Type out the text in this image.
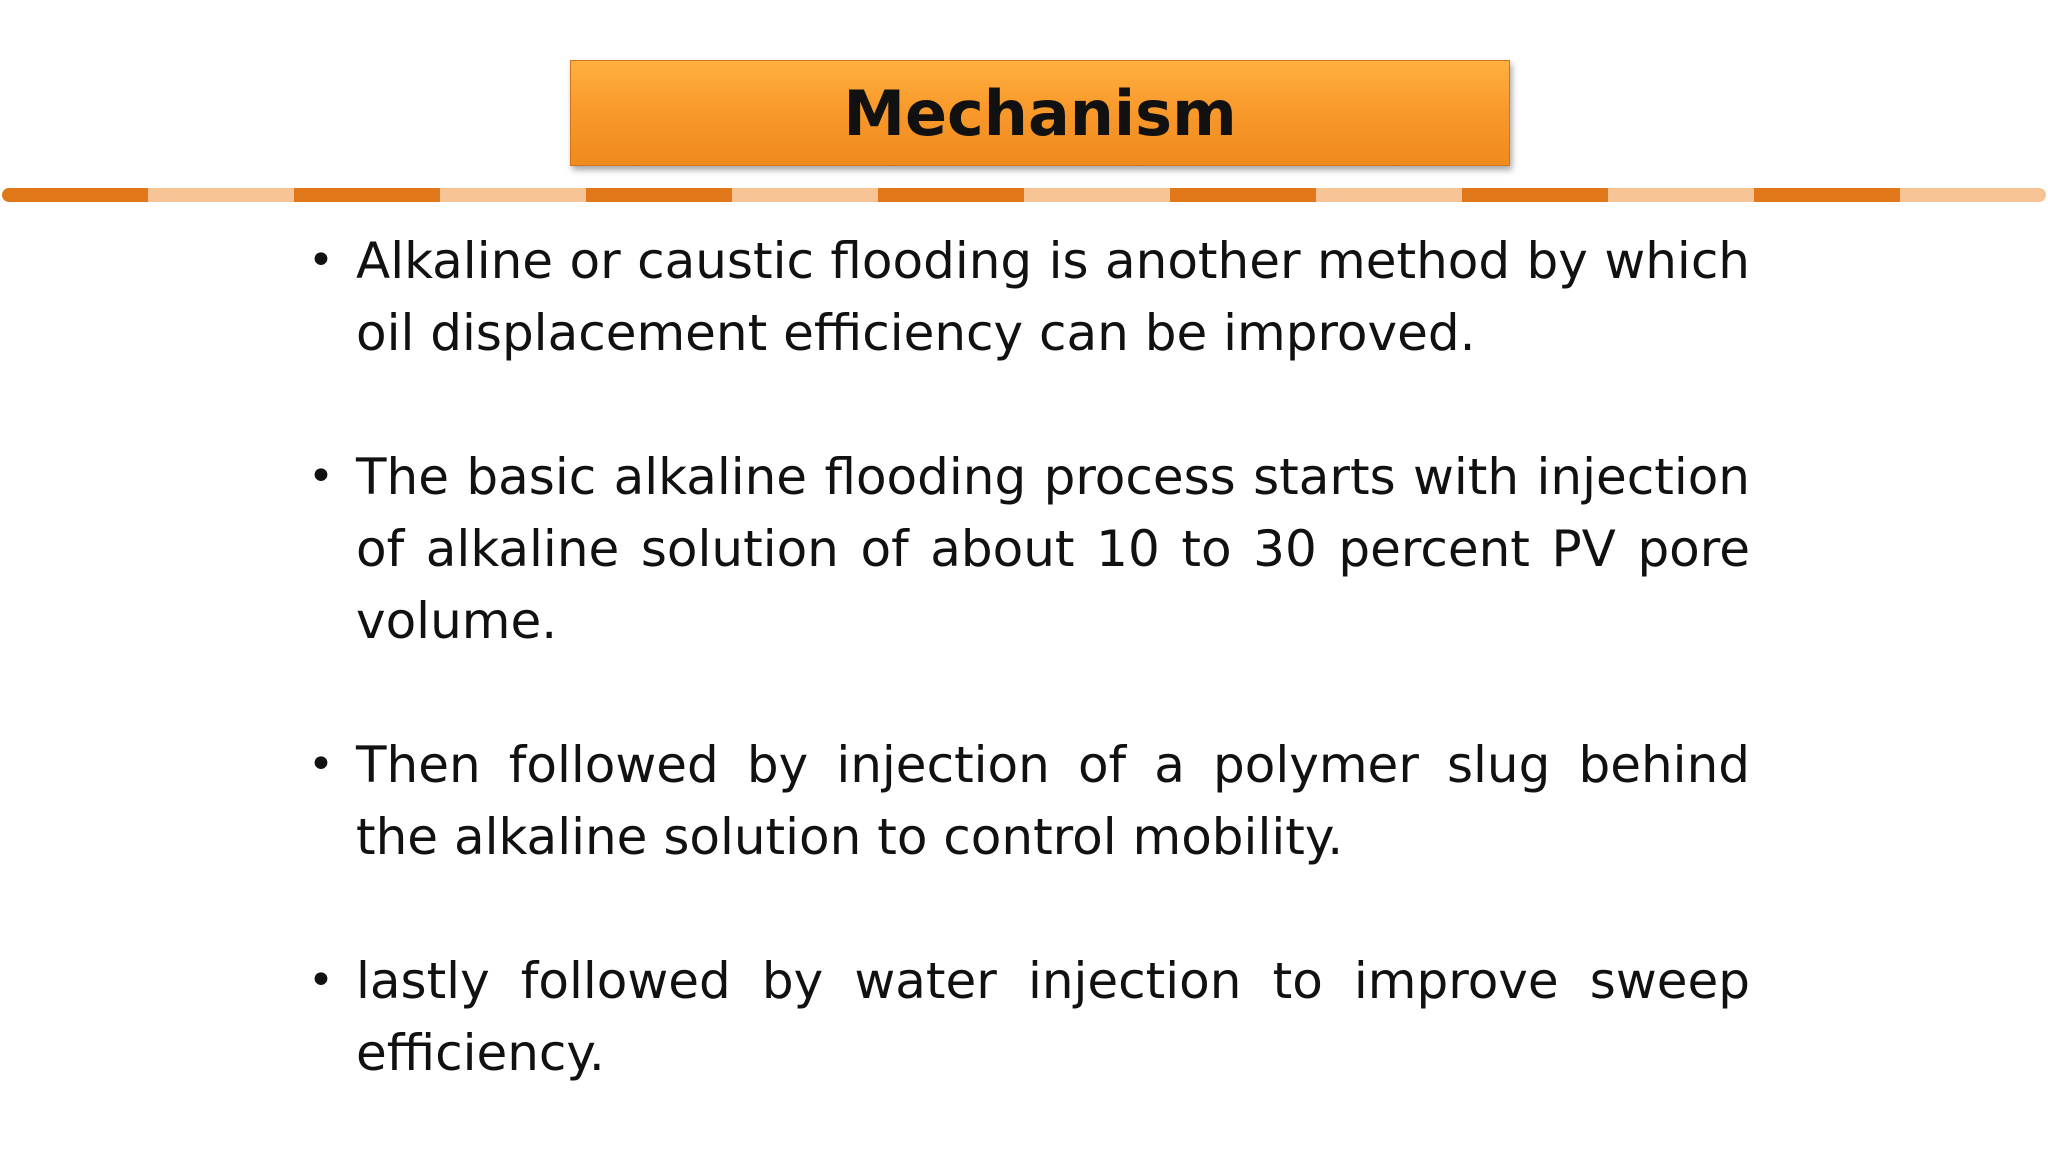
Mechanism
• Alkaline or caustic flooding is another method by which oil displacement efficiency can be improved.
• The basic alkaline flooding process starts with injection of alkaline solution of about 10 to 30 percent PV pore volume.
• Then followed by injection of a polymer slug behind the alkaline solution to control mobility.
• lastly followed by water injection to improve sweep efficiency.
